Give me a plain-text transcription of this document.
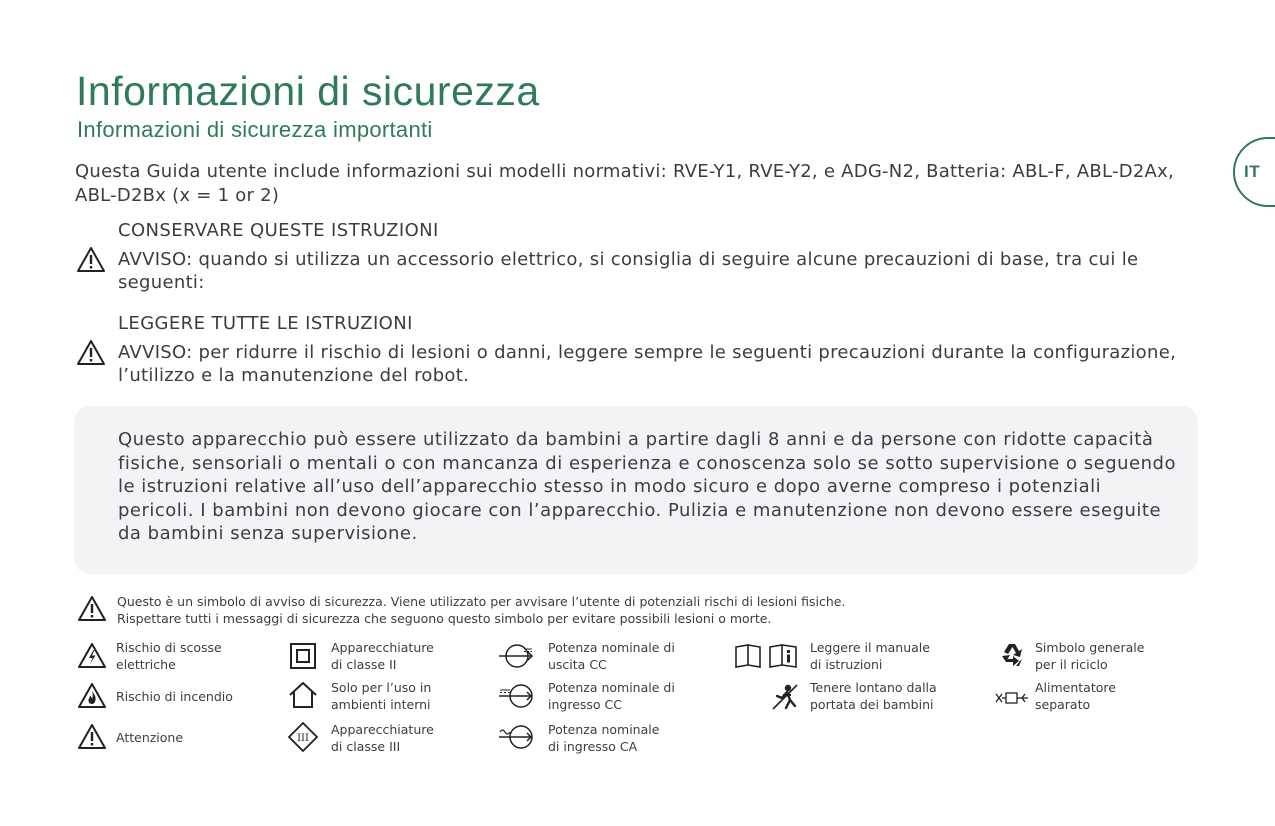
Informazioni di sicurezza
Informazioni di sicurezza importanti
IT

Questa Guida utente include informazioni sui modelli normativi: RVE-Y1, RVE-Y2, e ADG-N2, Batteria: ABL-F, ABL-D2Ax, ABL-D2Bx (x = 1 or 2)

CONSERVARE QUESTE ISTRUZIONI
AVVISO: quando si utilizza un accessorio elettrico, si consiglia di seguire alcune precauzioni di base, tra cui le seguenti:
LEGGERE TUTTE LE ISTRUZIONI
AVVISO: per ridurre il rischio di lesioni o danni, leggere sempre le seguenti precauzioni durante la configurazione, l’utilizzo e la manutenzione del robot.
Questo apparecchio può essere utilizzato da bambini a partire dagli 8 anni e da persone con ridotte capacità fisiche, sensoriali o mentali o con mancanza di esperienza e conoscenza solo se sotto supervisione o seguendo le istruzioni relative all’uso dell’apparecchio stesso in modo sicuro e dopo averne compreso i potenziali pericoli. I bambini non devono giocare con l’apparecchio. Pulizia e manutenzione non devono essere eseguite da bambini senza supervisione.
Questo è un simbolo di avviso di sicurezza. Viene utilizzato per avvisare l’utente di potenziali rischi di lesioni fisiche.
Rispettare tutti i messaggi di sicurezza che seguono questo simbolo per evitare possibili lesioni o morte.
Rischio di scosse
elettriche
Rischio di incendio
Attenzione
Apparecchiature
di classe II
Solo per l’uso in
ambienti interni
III
Apparecchiature
di classe III
Potenza nominale di
uscita CC
Potenza nominale di
ingresso CC
Potenza nominale
di ingresso CA
Leggere il manuale
di istruzioni
Tenere lontano dalla
portata dei bambini
Simbolo generale
per il riciclo
Alimentatore
separato
